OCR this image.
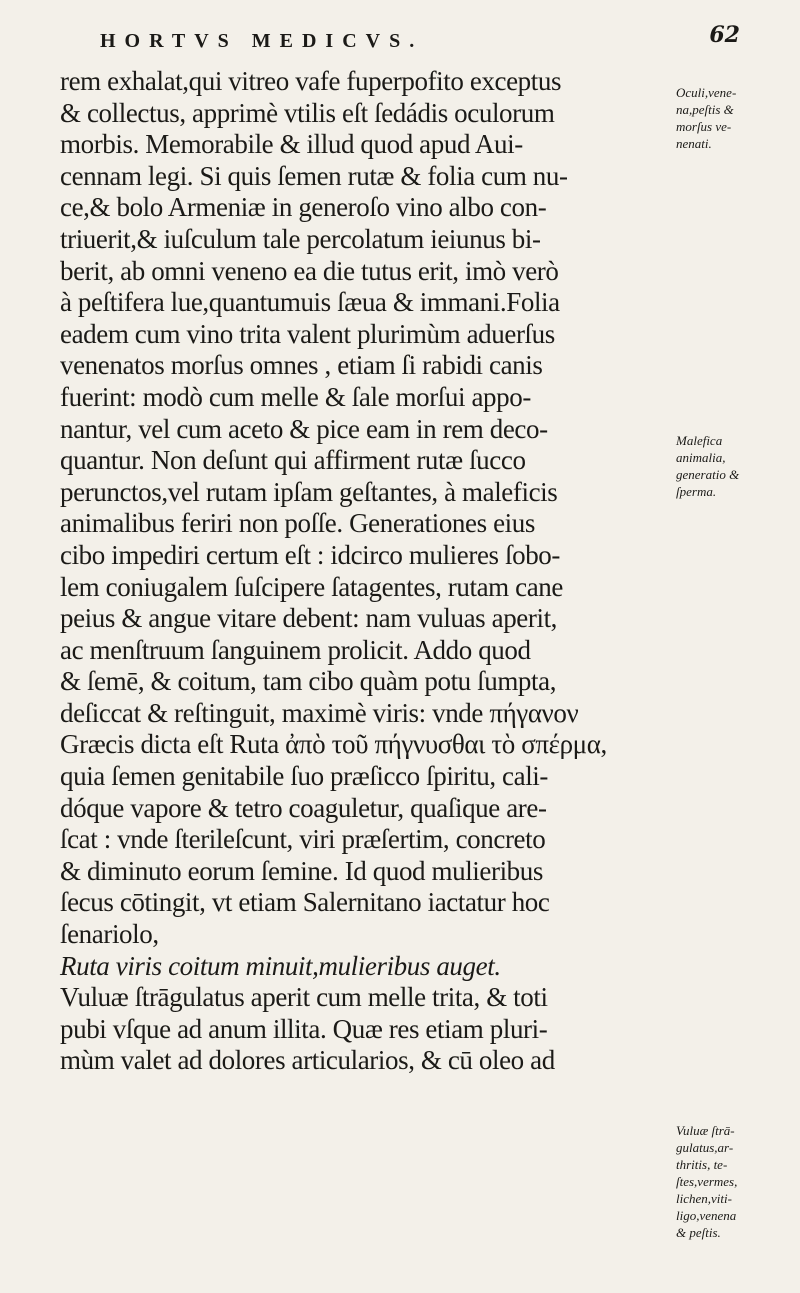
HORTVS MEDICVS.	62
rem exhalat,qui vitreo vafe fuperpofito exceptus
& collectus, apprimè vtilis eſt ſedádis oculorum
morbis. Memorabile & illud quod apud Aui-
cennam legi. Si quis ſemen rutæ & folia cum nu-
ce,& bolo Armeniæ in generoſo vino albo con-
triuerit,& iuſculum tale percolatum ieiunus bi-
berit, ab omni veneno ea die tutus erit, imò verò
à peſtifera lue,quantumuis ſæua & immani.Folia
eadem cum vino trita valent plurimùm aduerſus
venenatos morſus omnes , etiam ſi rabidi canis
fuerint: modò cum melle & ſale morſui appo-
nantur, vel cum aceto & pice eam in rem deco-
quantur. Non deſunt qui affirment rutæ ſucco
perunctos,vel rutam ipſam geſtantes, à maleficis
animalibus feriri non poſſe. Generationes eius
cibo impediri certum eſt : idcirco mulieres ſobo-
lem coniugalem ſuſcipere ſatagentes, rutam cane
peius & angue vitare debent: nam vuluas aperit,
ac menſtruum ſanguinem prolicit. Addo quod
& ſemē, & coitum, tam cibo quàm potu ſumpta,
deſiccat & reſtinguit, maximè viris: vnde πήγανον
Græcis dicta eſt Ruta ἀπὸ τοῦ πήγνυσθαι τὸ σπέρμα,
quia ſemen genitabile ſuo præſicco ſpiritu, cali-
dóque vapore & tetro coaguletur, quaſique are-
ſcat : vnde ſterileſcunt, viri præſertim, concreto
& diminuto eorum ſemine. Id quod mulieribus
ſecus cōtingit, vt etiam Salernitano iactatur hoc
ſenariolo,
Ruta viris coitum minuit,mulieribus auget.
Vuluæ ſtrāgulatus aperit cum melle trita, & toti
pubi vſque ad anum illita. Quæ res etiam pluri-
mùm valet ad dolores articularios, & cū oleo ad
Oculi,vene-
na,peſtis &
morſus ve-
nenati.
Malefica
animalia,
generatio &
ſperma.
Vuluæ ſtrā-
gulatus,ar-
thritis, te-
ſtes,vermes,
lichen,viti-
ligo,venena
& peſtis.
